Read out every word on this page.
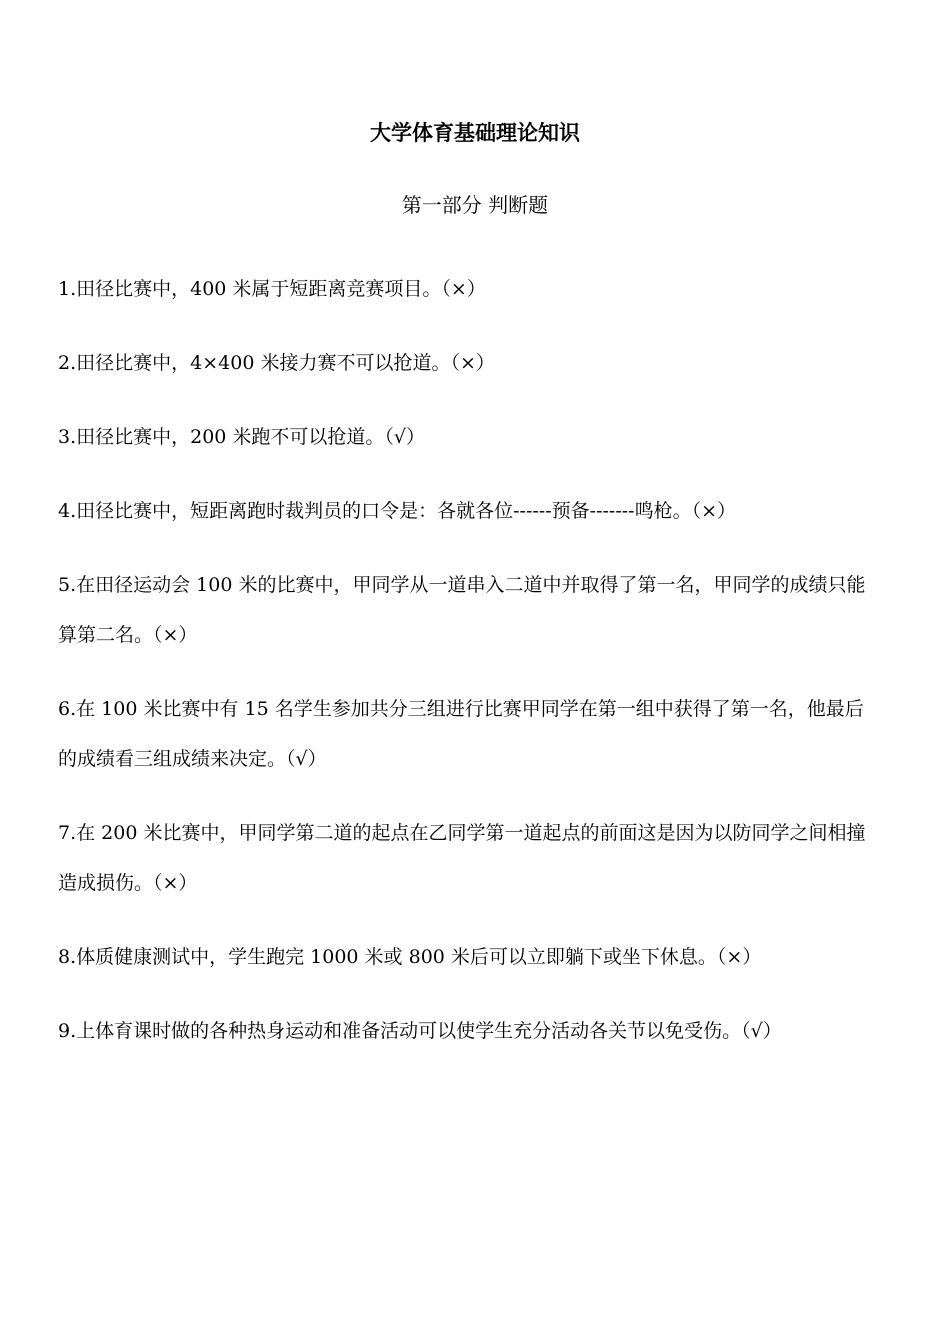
大学体育基础理论知识
第一部分 判断题

1.田径比赛中，400 米属于短距离竞赛项目。（×）

2.田径比赛中，4×400 米接力赛不可以抢道。（×）

3.田径比赛中，200 米跑不可以抢道。（√）

4.田径比赛中，短距离跑时裁判员的口令是：各就各位------预备-------鸣枪。（×）

5.在田径运动会 100 米的比赛中，甲同学从一道串入二道中并取得了第一名，甲同学的成绩只能算第二名。（×）

6.在 100 米比赛中有 15 名学生参加共分三组进行比赛甲同学在第一组中获得了第一名，他最后的成绩看三组成绩来决定。（√）

7.在 200 米比赛中，甲同学第二道的起点在乙同学第一道起点的前面这是因为以防同学之间相撞造成损伤。（×）

8.体质健康测试中，学生跑完 1000 米或 800 米后可以立即躺下或坐下休息。（×）

9.上体育课时做的各种热身运动和准备活动可以使学生充分活动各关节以免受伤。（√）
